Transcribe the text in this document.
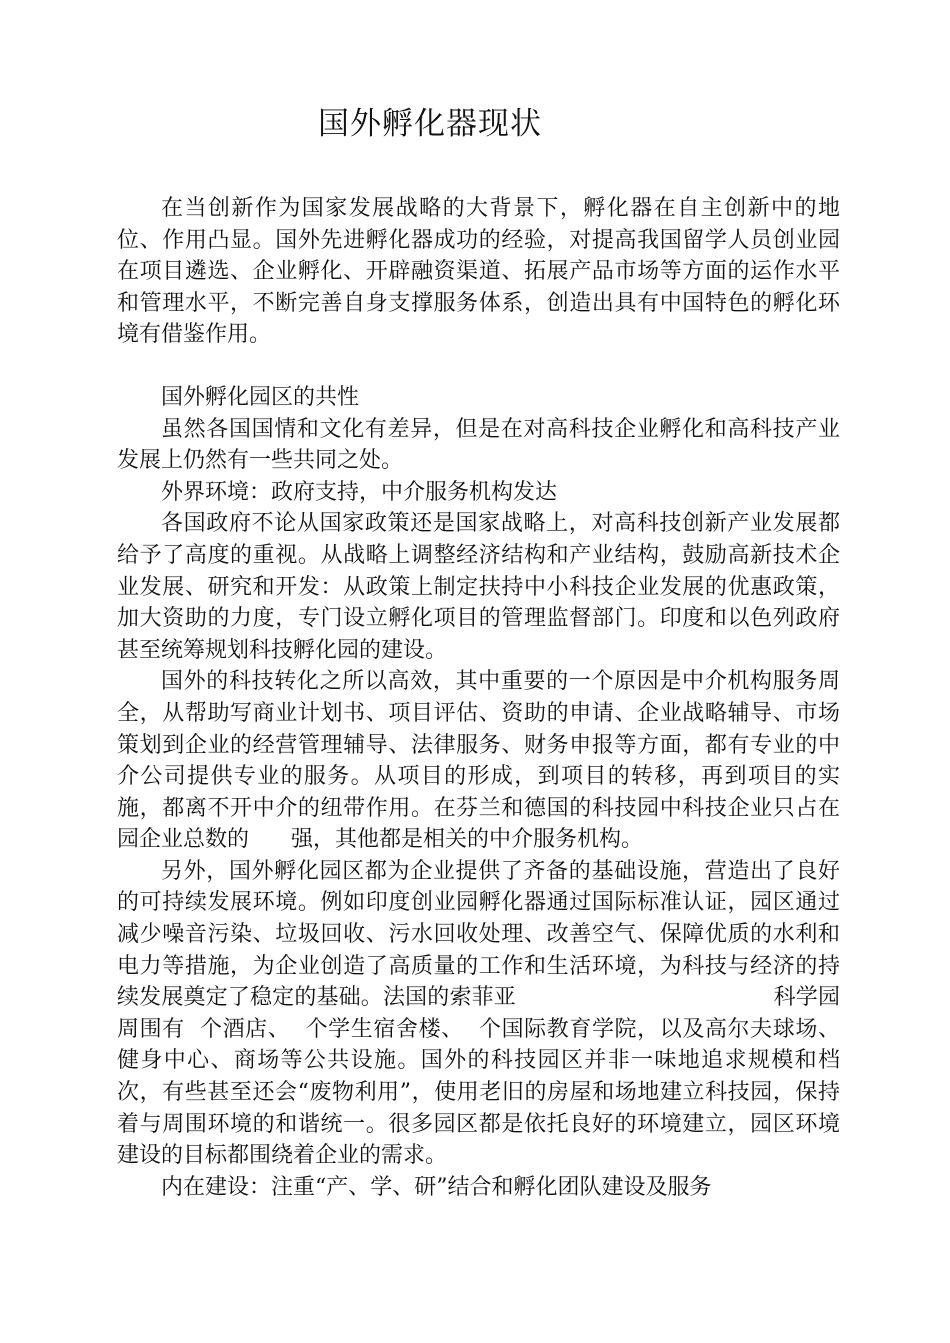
国外孵化器现状

在当创新作为国家发展战略的大背景下，孵化器在自主创新中的地位、作用凸显。国外先进孵化器成功的经验，对提高我国留学人员创业园在项目遴选、企业孵化、开辟融资渠道、拓展产品市场等方面的运作水平和管理水平，不断完善自身支撑服务体系，创造出具有中国特色的孵化环境有借鉴作用。

国外孵化园区的共性

虽然各国国情和文化有差异，但是在对高科技企业孵化和高科技产业发展上仍然有一些共同之处。

外界环境：政府支持，中介服务机构发达

各国政府不论从国家政策还是国家战略上，对高科技创新产业发展都给予了高度的重视。从战略上调整经济结构和产业结构，鼓励高新技术企业发展、研究和开发：从政策上制定扶持中小科技企业发展的优惠政策，加大资助的力度，专门设立孵化项目的管理监督部门。印度和以色列政府甚至统筹规划科技孵化园的建设。

国外的科技转化之所以高效，其中重要的一个原因是中介机构服务周全，从帮助写商业计划书、项目评估、资助的申请、企业战略辅导、市场策划到企业的经营管理辅导、法律服务、财务申报等方面，都有专业的中介公司提供专业的服务。从项目的形成，到项目的转移，再到项目的实施，都离不开中介的纽带作用。在芬兰和德国的科技园中科技企业只占在园企业总数的 强，其他都是相关的中介服务机构。

另外，国外孵化园区都为企业提供了齐备的基础设施，营造出了良好的可持续发展环境。例如印度创业园孵化器通过国际标准认证，园区通过减少噪音污染、垃圾回收、污水回收处理、改善空气、保障优质的水利和电力等措施，为企业创造了高质量的工作和生活环境，为科技与经济的持续发展奠定了稳定的基础。法国的索菲亚	科学园周围有 个酒店、 个学生宿舍楼、 个国际教育学院，以及高尔夫球场、健身中心、商场等公共设施。国外的科技园区并非一味地追求规模和档次，有些甚至还会“废物利用”，使用老旧的房屋和场地建立科技园，保持着与周围环境的和谐统一。很多园区都是依托良好的环境建立，园区环境建设的目标都围绕着企业的需求。

内在建设：注重“产、学、研”结合和孵化团队建设及服务
